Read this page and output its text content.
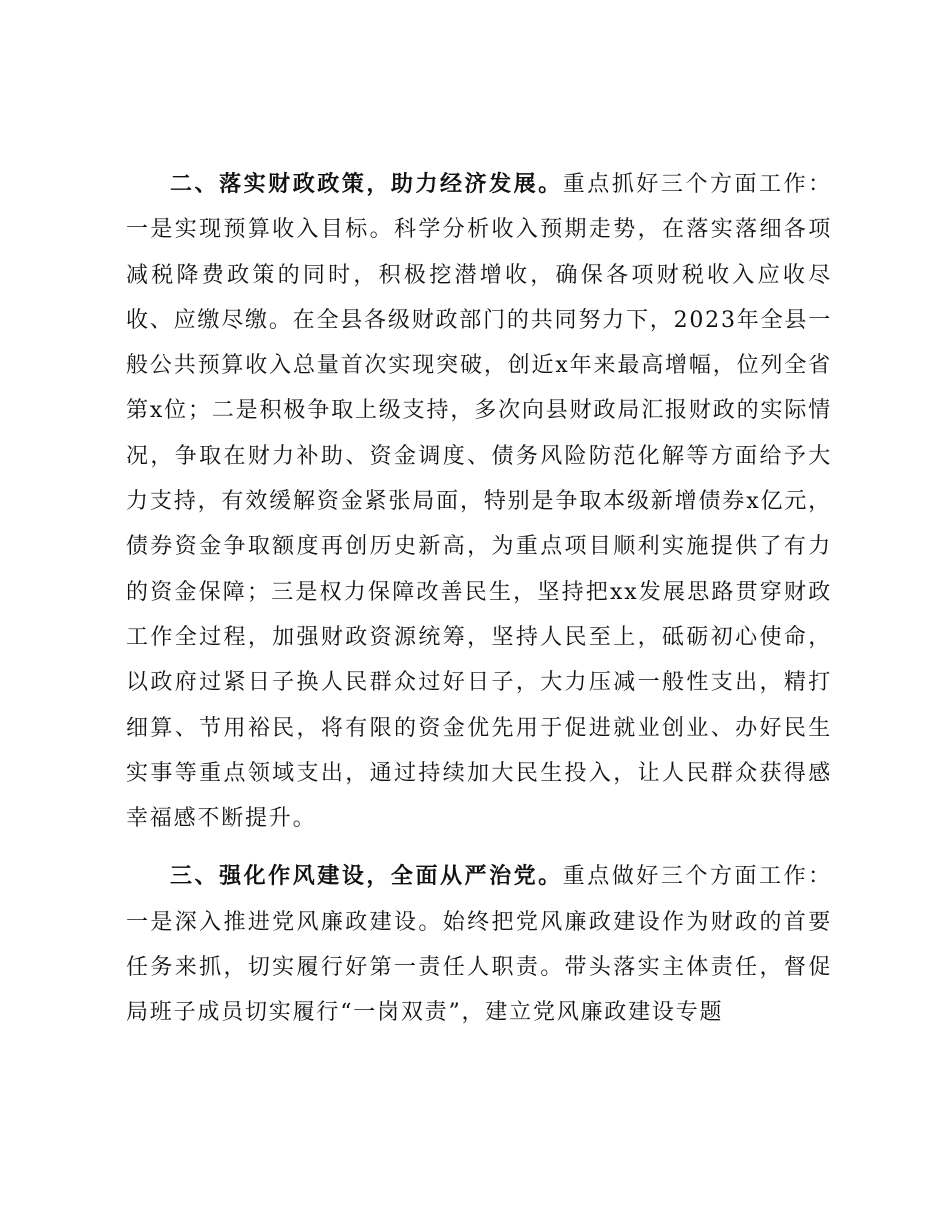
二、落实财政政策，助力经济发展。重点抓好三个方面工作：一是实现预算收入目标。科学分析收入预期走势，在落实落细各项减税降费政策的同时，积极挖潜增收，确保各项财税收入应收尽收、应缴尽缴。在全县各级财政部门的共同努力下，2023年全县一般公共预算收入总量首次实现突破，创近x年来最高增幅，位列全省第x位；二是积极争取上级支持，多次向县财政局汇报财政的实际情况，争取在财力补助、资金调度、债务风险防范化解等方面给予大力支持，有效缓解资金紧张局面，特别是争取本级新增债券x亿元，债券资金争取额度再创历史新高，为重点项目顺利实施提供了有力的资金保障；三是权力保障改善民生，坚持把xx发展思路贯穿财政工作全过程，加强财政资源统筹，坚持人民至上，砥砺初心使命，以政府过紧日子换人民群众过好日子，大力压减一般性支出，精打细算、节用裕民，将有限的资金优先用于促进就业创业、办好民生实事等重点领域支出，通过持续加大民生投入，让人民群众获得感幸福感不断提升。

三、强化作风建设，全面从严治党。重点做好三个方面工作：一是深入推进党风廉政建设。始终把党风廉政建设作为财政的首要任务来抓，切实履行好第一责任人职责。带头落实主体责任，督促局班子成员切实履行“一岗双责”，建立党风廉政建设专题
